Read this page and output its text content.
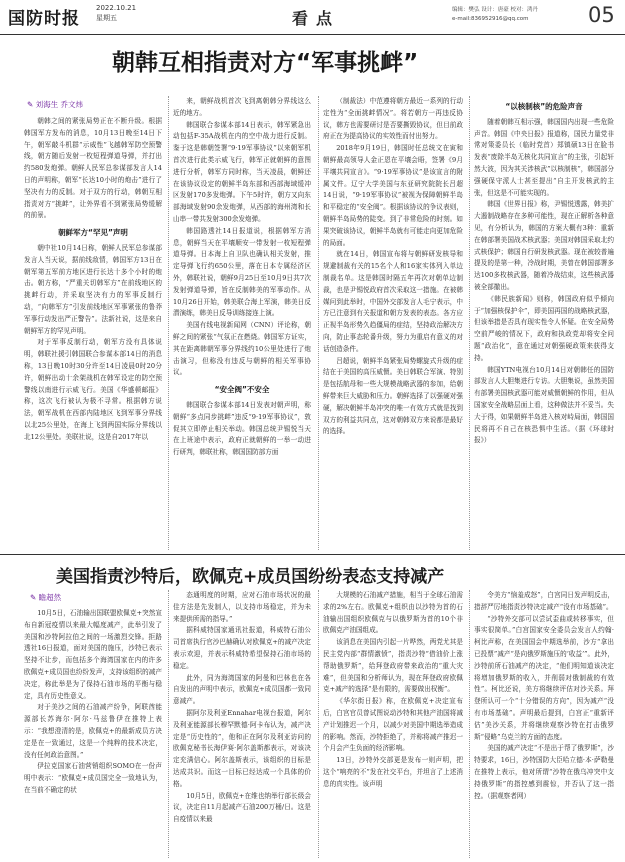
国防时报
2022.10.21
星期五	看点	编辑：樊弘 设计：唐豪 校对：鸿丹
e-mail:836952916@qq.com	05
朝韩互相指责对方“军事挑衅”
✎ 刘海生 乔文炜

朝韩之间的紧张局势正在不断升级。根据韩国军方发布的消息，10月13日晚至14日下午，朝军敲斗机群“示威性”飞越韩军防空预警线，朝方随后发射一枚短程弹道导弹，并打出约580发炮弹。朝鲜人民军总参谋部发言人14日的声明称，朝军“长达10小时的炮击”进行了坚决有力的反制。对于双方的行动，韩朝互相指责对方“挑衅”，让外界看不到紧张局势缓解的前景。

朝鲜军方“罕见”声明

朝中社10月14日称，朝鲜人民军总参谋部发言人当天说，据前线敌情，韩国军方13日在朝军第五军前方地区进行长达十多个小时的炮击。朝方称，“严重关切韩军方”在前线地区的挑衅行动，并采取坚决有力的军事反制行动，“向韩军方”引发前线地区军事紧张的鲁莽军事行动发出严正警告”。法新社说，这是来自朝鲜军方的罕见声明。

对于军事反制行动，朝军方没有具体说明，韩联社援引韩国联合参谋本部14日的消息称，13日晚10时30分许至14日凌晨0时20分许，朝鲜出动十余架战机在韩军设定的防空预警线以南进行示威飞行。美国《华盛顿邮报》称，这次飞行被认为极不寻常。根据韩方说法，朝军战机在西部内陆地区飞到军事分界线以北25公里处，在海上飞到两国实际分界线以北12公里处。美联社说，这是自2017年以

来，朝鲜战机首次飞到离朝韩分界线这么近的地方。

韩国联合参谋本部14日表示，韩军紧急出动包括F-35A战机在内的空中战力进行反制。鉴于这是韩朝签署“9·19军事协议”以来朝军机首次进行此类示威飞行，韩军正就朝鲜的意图进行分析，韩军方同时称，当天凌晨，朝鲜还在该协议设定的朝鲜半岛东部和西部海域缓冲区发射170多发炮弹。下午5时许，朝方又向东部海域发射90余发炮弹，从西部的海州湾和长山串一带共发射300余发炮弹。

韩国路透社14日报道说，根据韩军方消息，朝鲜当天在平壤顺安一带发射一枚短程弹道导弹。日本海上自卫队也确认相关发射，推定导弹飞行约650公里，落在日本专属经济区外，韩联社说，朝鲜9月25日至10月9日共7次发射弹道导弹，旨在反制韩美的军事动作。从10月26日开始，韩美联合海上军演，韩美日反潜演练，韩美日反导训练接连上演。

美国有线电视新闻网（CNN）评论称，朝鲜之间的紧张“气氛正在燃烧。韩国军方证实，其在距离韩朝军事分界线约10公里处进行了炮击演习，但称没有违反与朝鲜的相关军事协议。

“安全阀”不安全

韩国联合参谋本部14日发表对朝声明，称朝鲜“多点同步挑衅”违反“9·19军事协议”，敦促其立即停止相关举动。韩国总统尹锡悦当天在上班途中表示，政府正就朝鲜的一举一动进行研判，韩联社称，韩国国防部方面

（制裁法）中范遵将朝方最近一系列的行动定性为“全面挑衅情况”。将若朝方一再违反协议，韩方也需要研讨是否要撕毁协议，但目前政府正在为提高协议的实效性而付出努力。

2018年9月19日，韩国时任总统文在寅和朝鲜最高领导人金正恩在平壤会晤，签署《9月平壤共同宣言》。“9·19军事协议”是该宣言的附属文件。辽宁大学美国与东亚研究院院长吕超14日说，“9·19军事协议”被视为保障朝鲜半岛和平稳定的“安全阀”。根据该协议的争议表则，朝鲜半岛局势的陡变。到了非常危险的时刻。如果突破该协议，朝鲜半岛就有可能走向更加危险的局面。

就在14日，韩国宣布将与朝鲜研发核导和规避制裁有关的15名个人和16家实体列入单边制裁名单。这是韩国时隔五年再次对朝单边制裁，也是尹锡悦政府首次采取这一措施。在被韩媒问到此举时，中国外交部发言人毛宁表示，中方已注意到有关报道和朝方发表的表态。各方应正视半岛形势久趋僵局的症结，坚持政治解决方向，防止事态轮番升级，努力为重启有意义的对话创造条件。

吕超说，朝鲜半岛紧张局势螺旋式升级的症结在于美国的高压威慑。美日韩联合军演、特别是包括航母和一些大规模战略武器的参加，给朝鲜带来巨大威胁和压力。朝鲜选择了以强硬对强硬，解决朝鲜半岛冲突的唯一有效方式就是找到双方的利益共同点，这对朝韩双方来说都是最好的选择。

“以核制核”的危险声音

随着朝韩互相示强，韩国国内出现一些危险声音。韩国《中央日报》报道称，国民力量党非常对策委员长（临时党首）郑镇硕13日在脸书发表“废除半岛无核化共同宣言”的主张，引起轩然大波，因为其关涉核武”以核制核”，韩国部分强硬保守派人士甚至提出“自主开发核武的主张，但这是不可能实现的。

韩国《世界日报》称，尹锡悦透露，韩美扩大遏制战略存在多种可能性，现在正解析各种意见，有分析认为，韩国的方案大概有3种：重新在韩部署美国战术核武器；美国对韩国采取北约式核保护；韩国自行研发核武器。现在被较普遍提及的是第一种，冷战时期，美曾在韩国部署多达100多枚核武器，随着冷战结束，这些核武器被全部撤出。

《韩民族新闻》则称，韩国政府似乎倾向于“加强核保护伞”，即美国再国的战略核武器，但该举措是否具有现实性令人怀疑。在安全局势空前严峻的情况下，政府和执政党却将安全问题“政治化”，意在通过对朝强硬政策来获得支持。

韩国YTN电视台10月14日对朝韩任的国防部发言人大胆集进行专访。大胆集说，虽然美国有部署美国核武器可能对威慑朝鲜的作用，但从国家安全战略层面上看，这种做法并不妥当。失大于得，如果朝鲜半岛进入核对峙局面，韩国国民将再不自己在核恐惧中生活。（据《环球时报》）

美国指责沙特后，欧佩克+成员国纷纷表态支持减产
✎ 瞻超然

10月5日，石油输出国联盟欧佩克+突然宣布自新冠疫情以来最大幅度减产，此举引发了美国和沙特阿拉伯之间的一场激烈交锋。拒路透社16日报道，面对美国的施压，沙特已表示坚持不让步，而包括多个海湾国家在内的许多欧佩克+成员国也纷纷发声，支持该组织的减产决定，称此举是为了保持石油市场的平衡与稳定，具有历史性意义。

对于美沙之间的石油减产纷争，阿联酋能源部长苏海尔·阿尔·马兹鲁伊在推特上表示：“我想澄清的是，欧佩克+的最新成员方决定是在一致通过，这是一个纯粹的技术决定，没有任何政治意图。”

伊拉克国家石油营销组织SOMO在一份声明中表示：“欧佩克+成员国完全一致地认为，在当前不确定的状

态通明度的时期，应对石油市场状况的最佳方法是先发制人，以支持市场稳定，并为未来提供所需的指导。”

据科威特国家通讯社报道，科威特石油公司首席执行官沙巴赫确认对欧佩克+的减产决定表示欢迎，并表示科威特希望保持石油市场的稳定。

此外，同为海湾国家的阿曼和巴林也在各自发出的声明中表示，欧佩克+成员国都一致同意减产。

据阿尔及利亚Ennahar电视台报道，阿尔及利亚能源部长穆罕默德·阿卡布认为，减产决定是“历史性的”，他和正在阿尔及利亚访问的欧佩克秘书长海伊赛·阿尔盖斯都表示，对该决定充满信心。阿尔盖斯表示，该组织的目标是达成共识。而这一目标已经达成一个具体的价格。

10月5日，欧佩克+在维也纳举行部长级会议，决定自11月起减产石油200万桶/日。这是自疫情以来最

大规模的石油减产措施，相当于全球石油需求的2%左右。欧佩克+组织由以沙特为首的石油输出国组织欧佩克与以俄罗斯为首的10个非欧佩克产油国组成。

该消息在美国内引起一片哗然，两党尤其是民主党内部“群情激愤”，指责沙特“借油价上涨帮助俄罗斯”，给拜登政府带来政治的“重大灾难”，但美国和分析师认为，现在拜登政府欧佩克+减产的选择“是有限的，需要做出权衡”。

《华尔街日报》称，在欧佩克+决定宣布后，白宫官员曾试图说动沙特和其他产油国将减产计划推迟一个月，以减少对美国中期选举造成的影响。然而，沙特拒绝了，并称将减产推迟一个月会产生负面的经济影响。

13日，沙特外交部更是发布一则声明，把这个“响亮的不”发在社交平台，并坦言了上述消息的真实性。该声明

令美方“恼羞成怒”，白宫同日发声明反击，措辞严厉地指责沙特决定减产“没有市场基础”。

“沙特外交部可以尝试歪曲或转移事实，但事实很简单。”白宫国家安全委员会发言人约翰·柯比声称，在美国国会中期选举前，沙方“拿出已投票”减产“是向俄罗斯施压的‘收益’”。此外，沙特前所石油减产的决定，“他们明知道该决定将增加俄罗斯的收入，并削弱对俄制裁的有效性”。柯比还说，美方将继续评估对沙关系。拜登所认可一个“十分错误的方向”，因为减产“没有市场基础”。声明最后提到，白宫正“重新评估”美沙关系，并将继续观察沙特在打击俄罗斯“侵略”乌克兰的方面的态度。

美国的减产决定“不是出于帮了俄罗斯”，沙特要求，16日，沙特国防大臣哈立德·本·萨勒曼在推特上表示，他对所谓“沙特在俄乌冲突中支持俄罗斯”的指控感到震惊，并否认了这一指控。（据观察者网）
